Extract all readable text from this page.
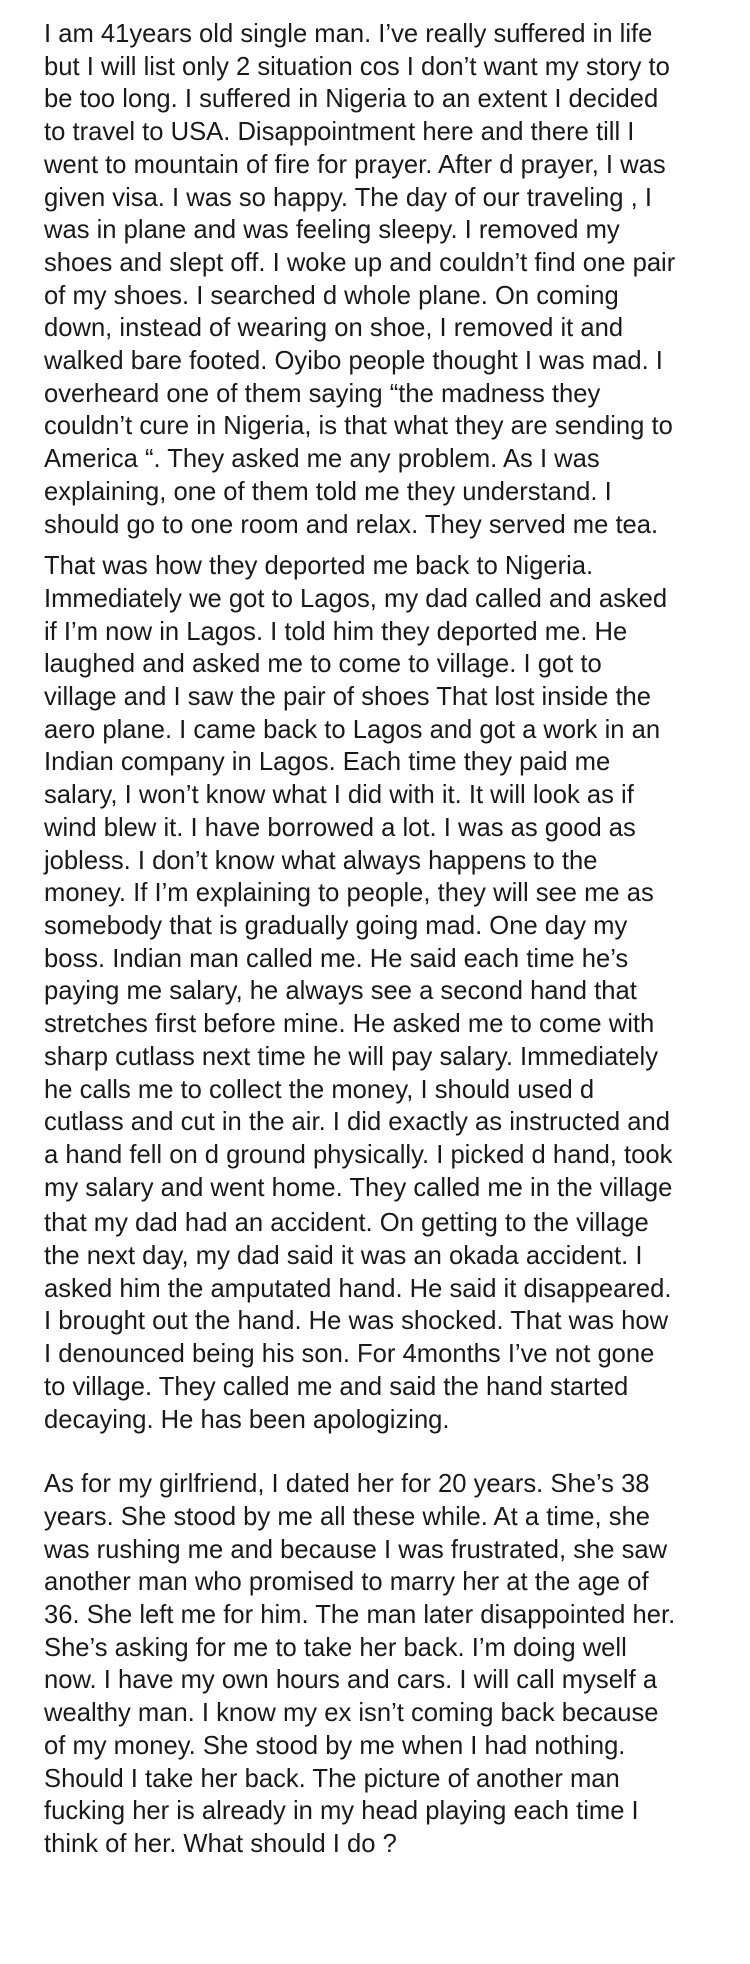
I am 41years old single man. I’ve really suffered in life
but I will list only 2 situation cos I don’t want my story to
be too long. I suffered in Nigeria to an extent I decided
to travel to USA. Disappointment here and there till I
went to mountain of fire for prayer. After d prayer, I was
given visa. I was so happy. The day of our traveling , I
was in plane and was feeling sleepy. I removed my
shoes and slept off. I woke up and couldn’t find one pair
of my shoes. I searched d whole plane. On coming
down, instead of wearing on shoe, I removed it and
walked bare footed. Oyibo people thought I was mad. I
overheard one of them saying “the madness they
couldn’t cure in Nigeria, is that what they are sending to
America “. They asked me any problem. As I was
explaining, one of them told me they understand. I
should go to one room and relax. They served me tea.
That was how they deported me back to Nigeria.
Immediately we got to Lagos, my dad called and asked
if I’m now in Lagos. I told him they deported me. He
laughed and asked me to come to village. I got to
village and I saw the pair of shoes That lost inside the
aero plane. I came back to Lagos and got a work in an
Indian company in Lagos. Each time they paid me
salary, I won’t know what I did with it. It will look as if
wind blew it. I have borrowed a lot. I was as good as
jobless. I don’t know what always happens to the
money. If I’m explaining to people, they will see me as
somebody that is gradually going mad. One day my
boss. Indian man called me. He said each time he’s
paying me salary, he always see a second hand that
stretches first before mine. He asked me to come with
sharp cutlass next time he will pay salary. Immediately
he calls me to collect the money, I should used d
cutlass and cut in the air. I did exactly as instructed and
a hand fell on d ground physically. I picked d hand, took
my salary and went home. They called me in the village
that my dad had an accident. On getting to the village
the next day, my dad said it was an okada accident. I
asked him the amputated hand. He said it disappeared.
I brought out the hand. He was shocked. That was how
I denounced being his son. For 4months I’ve not gone
to village. They called me and said the hand started
decaying. He has been apologizing.
As for my girlfriend, I dated her for 20 years. She’s 38
years. She stood by me all these while. At a time, she
was rushing me and because I was frustrated, she saw
another man who promised to marry her at the age of
36. She left me for him. The man later disappointed her.
She’s asking for me to take her back. I’m doing well
now. I have my own hours and cars. I will call myself a
wealthy man. I know my ex isn’t coming back because
of my money. She stood by me when I had nothing.
Should I take her back. The picture of another man
fucking her is already in my head playing each time I
think of her. What should I do ?
